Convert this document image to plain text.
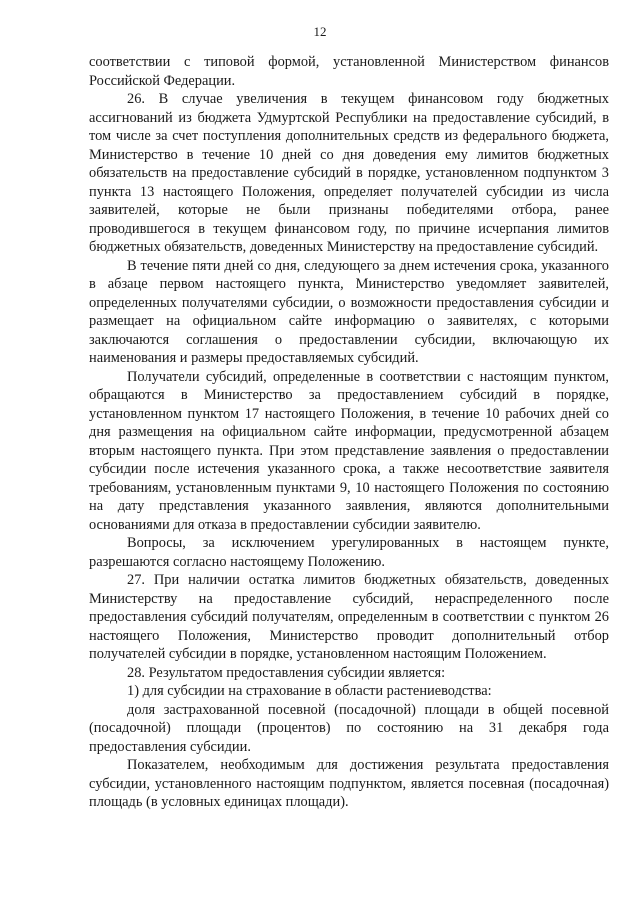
12

соответствии с типовой формой, установленной Министерством финансов Российской Федерации.

26. В случае увеличения в текущем финансовом году бюджетных ассигнований из бюджета Удмуртской Республики на предоставление субсидий, в том числе за счет поступления дополнительных средств из федерального бюджета, Министерство в течение 10 дней со дня доведения ему лимитов бюджетных обязательств на предоставление субсидий в порядке, установленном подпунктом 3 пункта 13 настоящего Положения, определяет получателей субсидии из числа заявителей, которые не были признаны победителями отбора, ранее проводившегося в текущем финансовом году, по причине исчерпания лимитов бюджетных обязательств, доведенных Министерству на предоставление субсидий.

В течение пяти дней со дня, следующего за днем истечения срока, указанного в абзаце первом настоящего пункта, Министерство уведомляет заявителей, определенных получателями субсидии, о возможности предоставления субсидии и размещает на официальном сайте информацию о заявителях, с которыми заключаются соглашения о предоставлении субсидии, включающую их наименования и размеры предоставляемых субсидий.

Получатели субсидий, определенные в соответствии с настоящим пунктом, обращаются в Министерство за предоставлением субсидий в порядке, установленном пунктом 17 настоящего Положения, в течение 10 рабочих дней со дня размещения на официальном сайте информации, предусмотренной абзацем вторым настоящего пункта. При этом представление заявления о предоставлении субсидии после истечения указанного срока, а также несоответствие заявителя требованиям, установленным пунктами 9, 10 настоящего Положения по состоянию на дату представления указанного заявления, являются дополнительными основаниями для отказа в предоставлении субсидии заявителю.

Вопросы, за исключением урегулированных в настоящем пункте, разрешаются согласно настоящему Положению.

27. При наличии остатка лимитов бюджетных обязательств, доведенных Министерству на предоставление субсидий, нераспределенного после предоставления субсидий получателям, определенным в соответствии с пунктом 26 настоящего Положения, Министерство проводит дополнительный отбор получателей субсидии в порядке, установленном настоящим Положением.

28. Результатом предоставления субсидии является:

1) для субсидии на страхование в области растениеводства:

доля застрахованной посевной (посадочной) площади в общей посевной (посадочной) площади (процентов) по состоянию на 31 декабря года предоставления субсидии.

Показателем, необходимым для достижения результата предоставления субсидии, установленного настоящим подпунктом, является посевная (посадочная) площадь (в условных единицах площади).
